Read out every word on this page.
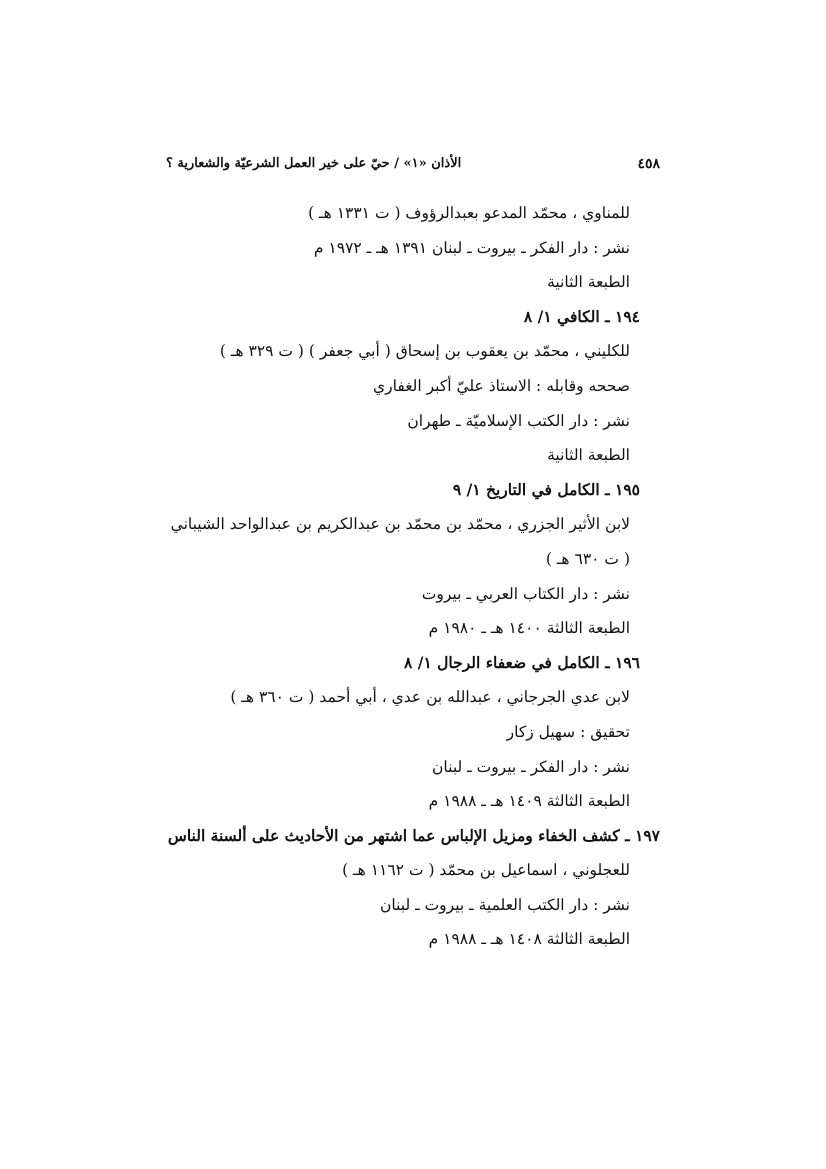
٤٥٨
الأذان «١» / حيّ على خير العمل الشرعيّة والشعارية ؟
للمناوي ، محمّد المدعو بعبدالرؤوف ( ت ١٣٣١ هـ )
نشر : دار الفكر ـ بيروت ـ لبنان ١٣٩١ هـ ـ ١٩٧٢ م
الطبعة الثانية
١٩٤ ـ الكافي ١/ ٨
للكليني ، محمّد بن يعقوب بن إسحاق ( أبي جعفر ) ( ت ٣٢٩ هـ )
صححه وقابله : الاستاذ عليّ أكبر الغفاري
نشر : دار الكتب الإسلاميّة ـ طهران
الطبعة الثانية
١٩٥ ـ الكامل في التاريخ ١/ ٩
لابن الأثير الجزري ، محمّد بن محمّد بن عبدالكريم بن عبدالواحد الشيباني
( ت ٦٣٠ هـ )
نشر : دار الكتاب العربي ـ بيروت
الطبعة الثالثة ١٤٠٠ هـ ـ ١٩٨٠ م
١٩٦ ـ الكامل في ضعفاء الرجال ١/ ٨
لابن عدي الجرجاني ، عبدالله بن عدي ، أبي أحمد ( ت ٣٦٠ هـ )
تحقيق : سهيل زكار
نشر : دار الفكر ـ بيروت ـ لبنان
الطبعة الثالثة ١٤٠٩ هـ ـ ١٩٨٨ م
١٩٧ ـ كشف الخفاء ومزيل الإلباس عما اشتهر من الأحاديث على ألسنة الناس
للعجلوني ، اسماعيل بن محمّد ( ت ١١٦٢ هـ )
نشر : دار الكتب العلمية ـ بيروت ـ لبنان
الطبعة الثالثة ١٤٠٨ هـ ـ ١٩٨٨ م
